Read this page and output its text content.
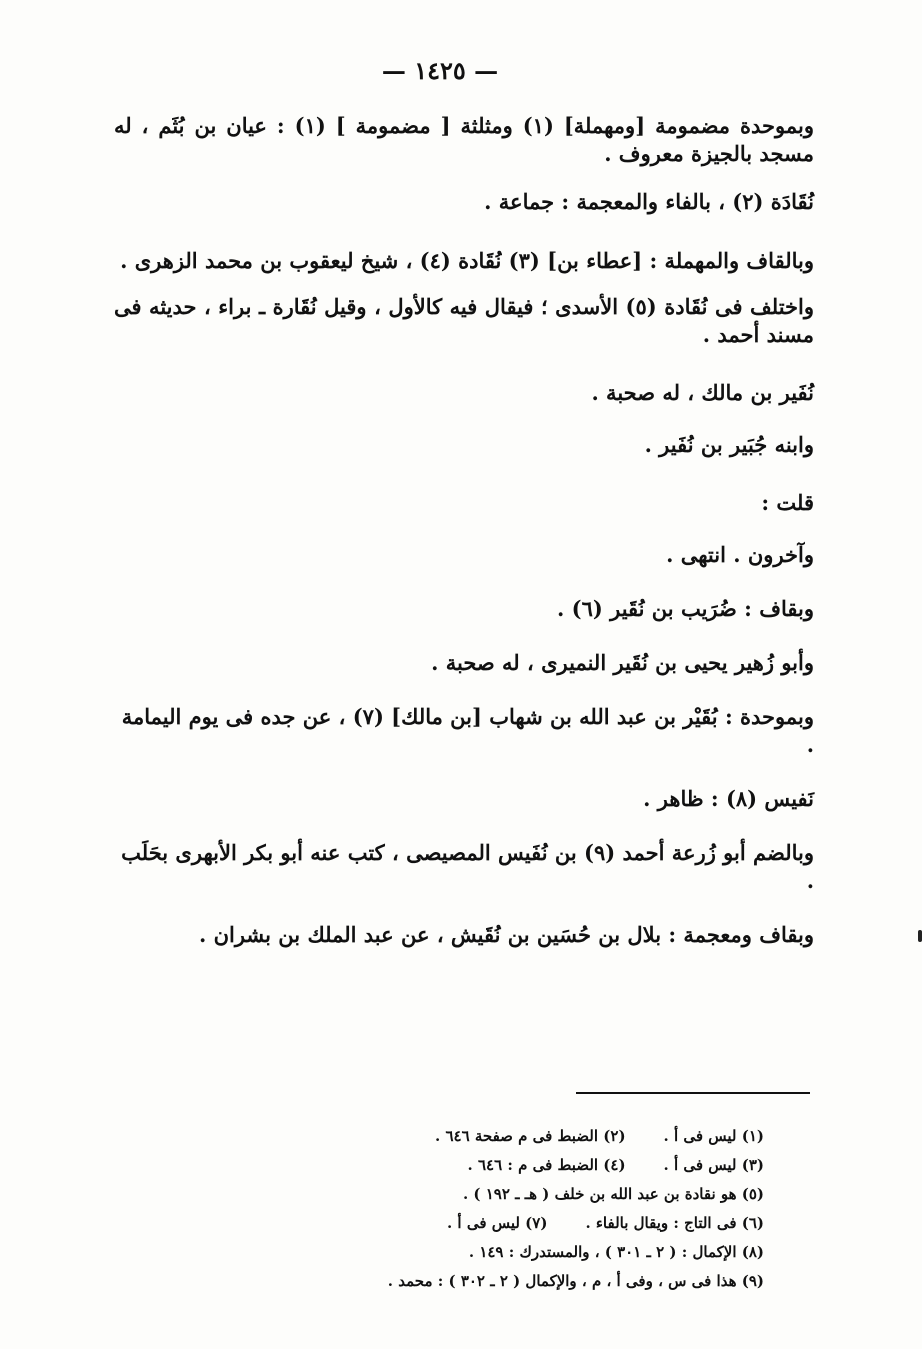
— ١٤٢٥ —

وبموحدة مضمومة [ومهملة] (١) ومثلثة [ مضمومة ] (١) : عيان بن بُثَم ، له مسجد بالجيزة معروف .

نُقَادَة (٢) ، بالفاء والمعجمة : جماعة .

وبالقاف والمهملة : [عطاء بن] (٣) نُقَادة (٤) ، شيخ ليعقوب بن محمد الزهرى .

واختلف فى نُقَادة (٥) الأسدى ؛ فيقال فيه كالأول ، وقيل نُقَارة ـ براء ، حديثه فى مسند أحمد .

نُفَير بن مالك ، له صحبة .

وابنه جُبَير بن نُفَير .

قلت :

وآخرون . انتهى .

وبقاف : ضُرَيب بن نُقَير (٦) .

وأبو زُهير يحيى بن نُقَير النميرى ، له صحبة .

وبموحدة : بُقَيْر بن عبد الله بن شهاب [بن مالك] (٧) ، عن جده فى يوم اليمامة .

نَفيس (٨) : ظاهر .

وبالضم أبو زُرعة أحمد (٩) بن نُفَيس المصيصى ، كتب عنه أبو بكر الأبهرى بحَلَب .

وبقاف ومعجمة : بلال بن حُسَين بن نُقَيش ، عن عبد الملك بن بشران .

(١) ليس فى أ .
(٢) الضبط فى م صفحة ٦٤٦ .
(٣) ليس فى أ .
(٤) الضبط فى م : ٦٤٦ .
(٥) هو نقادة بن عبد الله بن خلف ( هـ ـ ١٩٢ ) .
(٦) فى التاج : ويقال بالفاء .
(٧) ليس فى أ .
(٨) الإكمال : ( ٢ ـ ٣٠١ ) ، والمستدرك : ١٤٩ .
(٩) هذا فى س ، وفى أ ، م ، والإكمال ( ٢ ـ ٣٠٢ ) : محمد .
